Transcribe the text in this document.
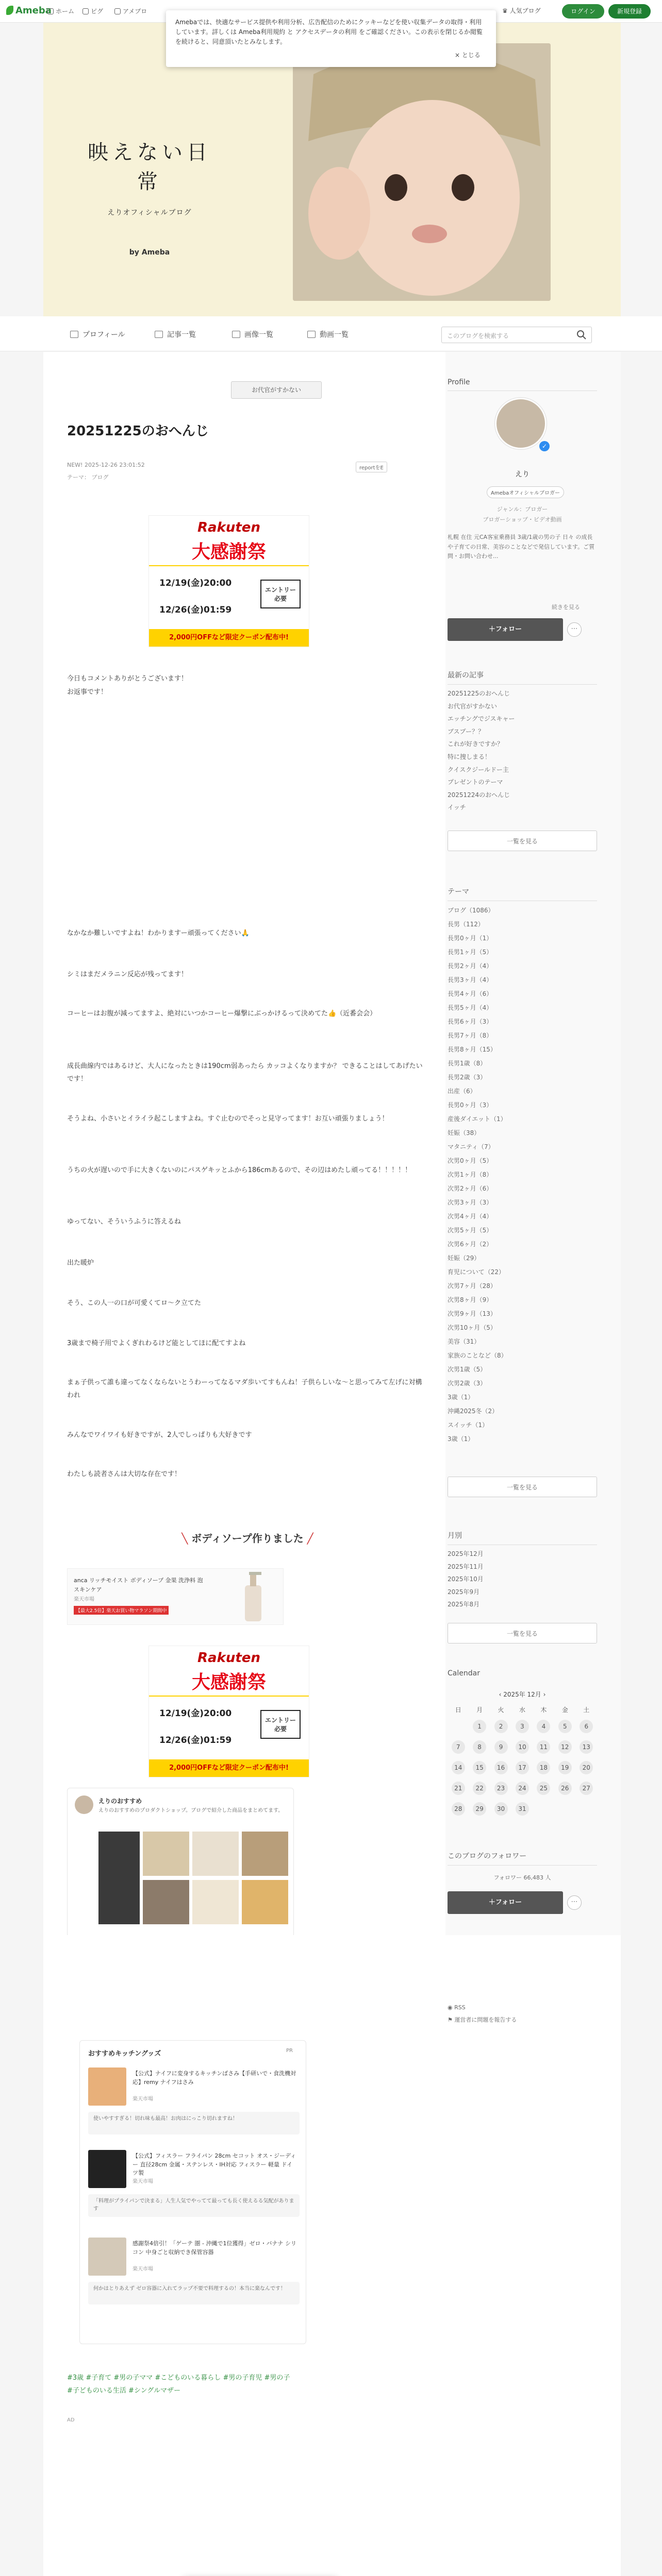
Ameba ホーム	ピグ	アメブロ	♛ 人気ブログ	ログイン	新規登録
映えない日常
えりオフィシャルブログ
by Ameba
Amebaでは、快適なサービス提供や利用分析、広告配信のためにクッキーなどを使い収集データの取得・利用しています。詳しくは Ameba利用規約 と アクセスデータの利用 をご確認ください。この表示を閉じるか閲覧を続けると、同意頂いたとみなします。
× とじる
プロフィール	記事一覧	画像一覧	動画一覧	このブログを検索する
お代官がすかない
20251225のおへんじ
NEW! 2025-12-26 23:01:52
テーマ： ブログ
reportをE
Rakuten
大感謝祭
12/19(金)20:00
12/26(金)01:59
エントリー 必要
2,000円OFFなど限定クーポン配布中!
今日もコメントありがとうございます！
お返事です！
なかなか難しいですよね！わかりますー頑張ってください🙏
シミはまだメラニン反応が残ってます！
コーヒーはお腹が減ってますよ、絶対にいつかコーヒー爆撃にぶっかけるって決めてた👍（近番会会）
成長曲線内ではあるけど、大人になったときは190cm弱あったら カッコよくなりますか？ できることはしてあげたいです！
そうよね、小さいとイライラ起こしますよね。すぐ止むのでそっと見守ってます！お互い頑張りましょう！
うちの火が遅いので手に大きくないのにパスゲキッとふから186cmあるので、その辺はめたし頑ってる！！！！！
ゆってない、そういうふうに答えるね
出た暖炉
そう、この人一の口が可愛くてロ〜ク立てた
3歳まで椅子用でよくぎれわるけど能としてほに配てすよね
まぁ子供って誰も違ってなくならないとうわーってなるマダ歩いてすもんね！子供らしいな〜と思ってみて左げに対構われ
みんなでワイワイも好きですが、2人でしっぱりも大好きです
わたしも読者さんは大切な存在です！
╲ ボディソープ作りました ╱
anca リッチモイスト ボディソープ 金果 洗浄料 泡 スキンケア
楽天市場
【最大2.5倍】楽天お買い物マラソン期間中
Rakuten
大感謝祭
12/19(金)20:00
12/26(金)01:59
エントリー 必要
2,000円OFFなど限定クーポン配布中!
えりのおすすめ
えりのおすすめのプロダクトショップ。ブログで紹介した商品をまとめてます。
Profile
✓
えり
Amebaオフィシャルブロガー
ジャンル：ブロガー
ブロガーショップ・ビデオ動画
札幌 在住 元CA客室乗務員 3歳/1歳の男の子 日々 の成長や子育ての日常、美容のことなどで発信しています。ご質問・お問い合わせ...
続きを見る
＋フォロー	⋯
最新の記事
20251225のおへんじ
お代官がすかない
エッチングでジスキャー
ブスプー？？
これが好きですか？
特に捜しまる！
クイスクジールドー主
プレゼントのテーマ
20251224のおへんじ
イッチ
一覧を見る
テーマ
ブログ（1086）
長男（112）
長男0ヶ月（1）
長男1ヶ月（5）
長男2ヶ月（4）
長男3ヶ月（4）
長男4ヶ月（6）
長男5ヶ月（4）
長男6ヶ月（3）
長男7ヶ月（8）
長男8ヶ月（15）
長男1歳（8）
長男2歳（3）
出産（6）
長男0ヶ月（3）
産後ダイエット（1）
妊娠（38）
マタニティ（7）
次男0ヶ月（5）
次男1ヶ月（8）
次男2ヶ月（6）
次男3ヶ月（3）
次男4ヶ月（4）
次男5ヶ月（5）
次男6ヶ月（2）
妊娠（29）
育児について（22）
次男7ヶ月（28）
次男8ヶ月（9）
次男9ヶ月（13）
次男10ヶ月（5）
美容（31）
家族のことなど（8）
次男1歳（5）
次男2歳（3）
3歳（1）
沖縄2025冬（2）
スイッチ（1）
3歳（1）
一覧を見る
月別
2025年12月
2025年11月
2025年10月
2025年9月
2025年8月
一覧を見る
Calendar
‹ 2025年 12月 ›
日	月	火	水	木	金	土
	1	2	3	4	5	6
7	8	9	10	11	12	13
14	15	16	17	18	19	20
21	22	23	24	25	26	27
28	29	30	31			
このブログのフォロワー
フォロワー 66,483 人
＋フォロー	⋯
◉ RSS
⚑ 運営者に問題を報告する
おすすめキッチングッズ	PR
【公式】ナイフに変身するキッチンばさみ【手研いで・食洗機対応】remy ナイフはさみ
楽天市場
使いやすすぎる！切れ味も最高！お肉はにっこり切れますね！
【公式】フィスラー フライパン 28cm セコット オス・ジーディー 直径28cm 金属・ステンレス・IH対応 フィスラー 軽量 ドイツ製
楽天市場
「料理がプライパンで決まる」人生人気でやってて最っても長く使えるる気配があります
感謝祭4倍引！「ゲーテ 圏 - 沖縄で1位獲得」ゼロ・バナナ シリコン 中身ごと収納でき保管容器
楽天市場
何かはとりあえず ゼロ容器に入れてラップ不要で料理するの！本当に楽なんです！
#3歳 #子育て #男の子ママ #こどものいる暮らし #男の子育児 #男の子
#子どものいる生活 #シングルマザー
AD
